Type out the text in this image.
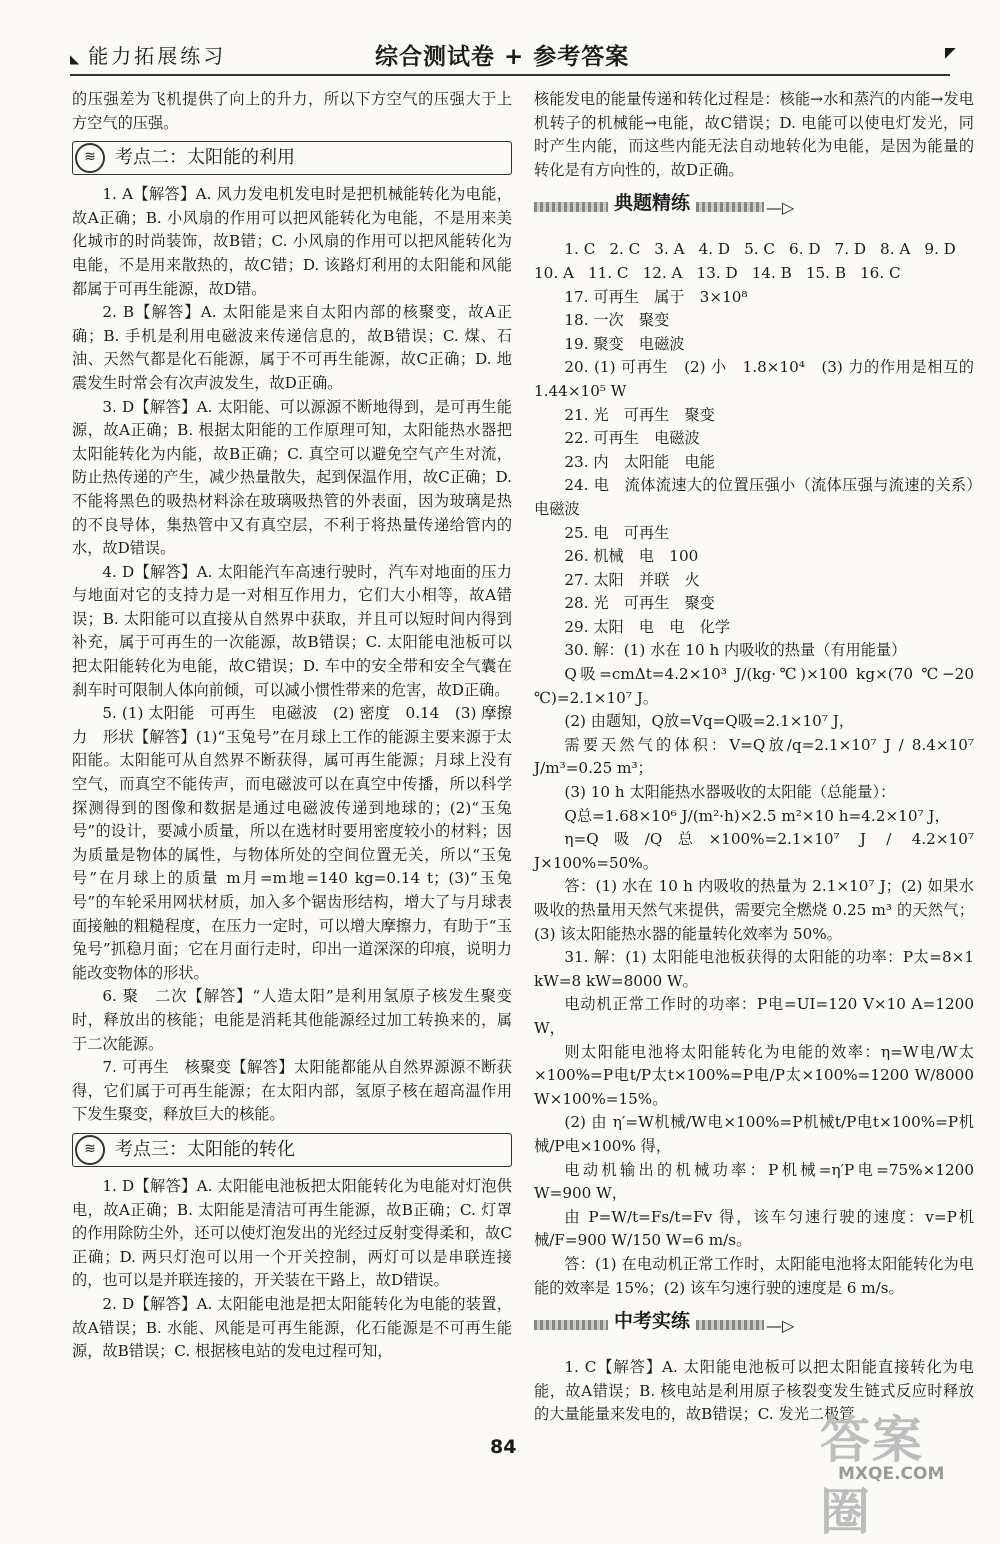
◣ 能力拓展练习	综合测试卷 + 参考答案	◤

的压强差为飞机提供了向上的升力，所以下方空气的压强大于上方空气的压强。

≋	考点二：太阳能的利用

1. A【解答】A. 风力发电机发电时是把机械能转化为电能，故A正确；B. 小风扇的作用可以把风能转化为电能，不是用来美化城市的时尚装饰，故B错；C. 小风扇的作用可以把风能转化为电能，不是用来散热的，故C错；D. 该路灯利用的太阳能和风能都属于可再生能源，故D错。

2. B【解答】A. 太阳能是来自太阳内部的核聚变，故A正确；B. 手机是利用电磁波来传递信息的，故B错误；C. 煤、石油、天然气都是化石能源，属于不可再生能源，故C正确；D. 地震发生时常会有次声波发生，故D正确。

3. D【解答】A. 太阳能、可以源源不断地得到，是可再生能源，故A正确；B. 根据太阳能的工作原理可知，太阳能热水器把太阳能转化为内能，故B正确；C. 真空可以避免空气产生对流，防止热传递的产生，减少热量散失，起到保温作用，故C正确；D. 不能将黑色的吸热材料涂在玻璃吸热管的外表面，因为玻璃是热的不良导体，集热管中又有真空层，不利于将热量传递给管内的水，故D错误。

4. D【解答】A. 太阳能汽车高速行驶时，汽车对地面的压力与地面对它的支持力是一对相互作用力，它们大小相等，故A错误；B. 太阳能可以直接从自然界中获取，并且可以短时间内得到补充，属于可再生的一次能源，故B错误；C. 太阳能电池板可以把太阳能转化为电能，故C错误；D. 车中的安全带和安全气囊在刹车时可限制人体向前倾，可以减小惯性带来的危害，故D正确。

5. (1) 太阳能　可再生　电磁波　(2) 密度　0.14　(3) 摩擦力　形状【解答】(1)“玉兔号”在月球上工作的能源主要来源于太阳能。太阳能可从自然界不断获得，属可再生能源；月球上没有空气，而真空不能传声，而电磁波可以在真空中传播，所以科学探测得到的图像和数据是通过电磁波传递到地球的；(2)“玉兔号”的设计，要减小质量，所以在选材时要用密度较小的材料；因为质量是物体的属性，与物体所处的空间位置无关，所以“玉兔号”在月球上的质量 m月=m地=140 kg=0.14 t；(3)“玉兔号”的车轮采用网状材质，加入多个锯齿形结构，增大了与月球表面接触的粗糙程度，在压力一定时，可以增大摩擦力，有助于“玉兔号”抓稳月面；它在月面行走时，印出一道深深的印痕，说明力能改变物体的形状。

6. 聚　二次【解答】“人造太阳”是利用氢原子核发生聚变时，释放出的核能；电能是消耗其他能源经过加工转换来的，属于二次能源。

7. 可再生　核聚变【解答】太阳能都能从自然界源源不断获得，它们属于可再生能源；在太阳内部，氢原子核在超高温作用下发生聚变，释放巨大的核能。

≋	考点三：太阳能的转化

1. D【解答】A. 太阳能电池板把太阳能转化为电能对灯泡供电，故A正确；B. 太阳能是清洁可再生能源，故B正确；C. 灯罩的作用除防尘外，还可以使灯泡发出的光经过反射变得柔和，故C正确；D. 两只灯泡可以用一个开关控制，两灯可以是串联连接的，也可以是并联连接的，开关装在干路上，故D错误。

2. D【解答】A. 太阳能电池是把太阳能转化为电能的装置，故A错误；B. 水能、风能是可再生能源，化石能源是不可再生能源，故B错误；C. 根据核电站的发电过程可知，

核能发电的能量传递和转化过程是：核能→水和蒸汽的内能→发电机转子的机械能→电能，故C错误；D. 电能可以使电灯发光，同时产生内能，而这些内能无法自动地转化为电能，是因为能量的转化是有方向性的，故D正确。

典题精练	—▷

1. C 2. C 3. A 4. D 5. C 6. D 7. D 8. A 9. D

10. A 11. C 12. A 13. D 14. B 15. B 16. C

17. 可再生　属于　3×10⁸

18. 一次　聚变

19. 聚变　电磁波

20. (1) 可再生　(2) 小　1.8×10⁴　(3) 力的作用是相互的　1.44×10⁵ W

21. 光　可再生　聚变

22. 可再生　电磁波

23. 内　太阳能　电能

24. 电　流体流速大的位置压强小（流体压强与流速的关系）　电磁波

25. 电　可再生

26. 机械　电　100

27. 太阳　并联　火

28. 光　可再生　聚变

29. 太阳　电　电　化学

30. 解：(1) 水在 10 h 内吸收的热量（有用能量）

Q吸=cmΔt=4.2×10³ J/(kg·℃)×100 kg×(70 ℃−20 ℃)=2.1×10⁷ J。

(2) 由题知，Q放=Vq=Q吸=2.1×10⁷ J，

需要天然气的体积：V=Q放/q=2.1×10⁷ J / 8.4×10⁷ J/m³=0.25 m³；

(3) 10 h 太阳能热水器吸收的太阳能（总能量）：

Q总=1.68×10⁶ J/(m²·h)×2.5 m²×10 h=4.2×10⁷ J，

η=Q吸/Q总×100%=2.1×10⁷ J / 4.2×10⁷ J×100%=50%。

答：(1) 水在 10 h 内吸收的热量为 2.1×10⁷ J；(2) 如果水吸收的热量用天然气来提供，需要完全燃烧 0.25 m³ 的天然气；(3) 该太阳能热水器的能量转化效率为 50%。

31. 解：(1) 太阳能电池板获得的太阳能的功率：P太=8×1 kW=8 kW=8000 W。

电动机正常工作时的功率：P电=UI=120 V×10 A=1200 W，

则太阳能电池将太阳能转化为电能的效率：η=W电/W太×100%=P电t/P太t×100%=P电/P太×100%=1200 W/8000 W×100%=15%。

(2) 由 η′=W机械/W电×100%=P机械t/P电t×100%=P机械/P电×100% 得，

电动机输出的机械功率：P机械=η′P电=75%×1200 W=900 W，

由 P=W/t=Fs/t=Fv 得，该车匀速行驶的速度：v=P机械/F=900 W/150 W=6 m/s。

答：(1) 在电动机正常工作时，太阳能电池将太阳能转化为电能的效率是 15%；(2) 该车匀速行驶的速度是 6 m/s。

中考实练	—▷

1. C【解答】A. 太阳能电池板可以把太阳能直接转化为电能，故A错误；B. 核电站是利用原子核裂变发生链式反应时释放的大量能量来发电的，故B错误；C. 发光二极管

84	答案圈
MXQE.COM
